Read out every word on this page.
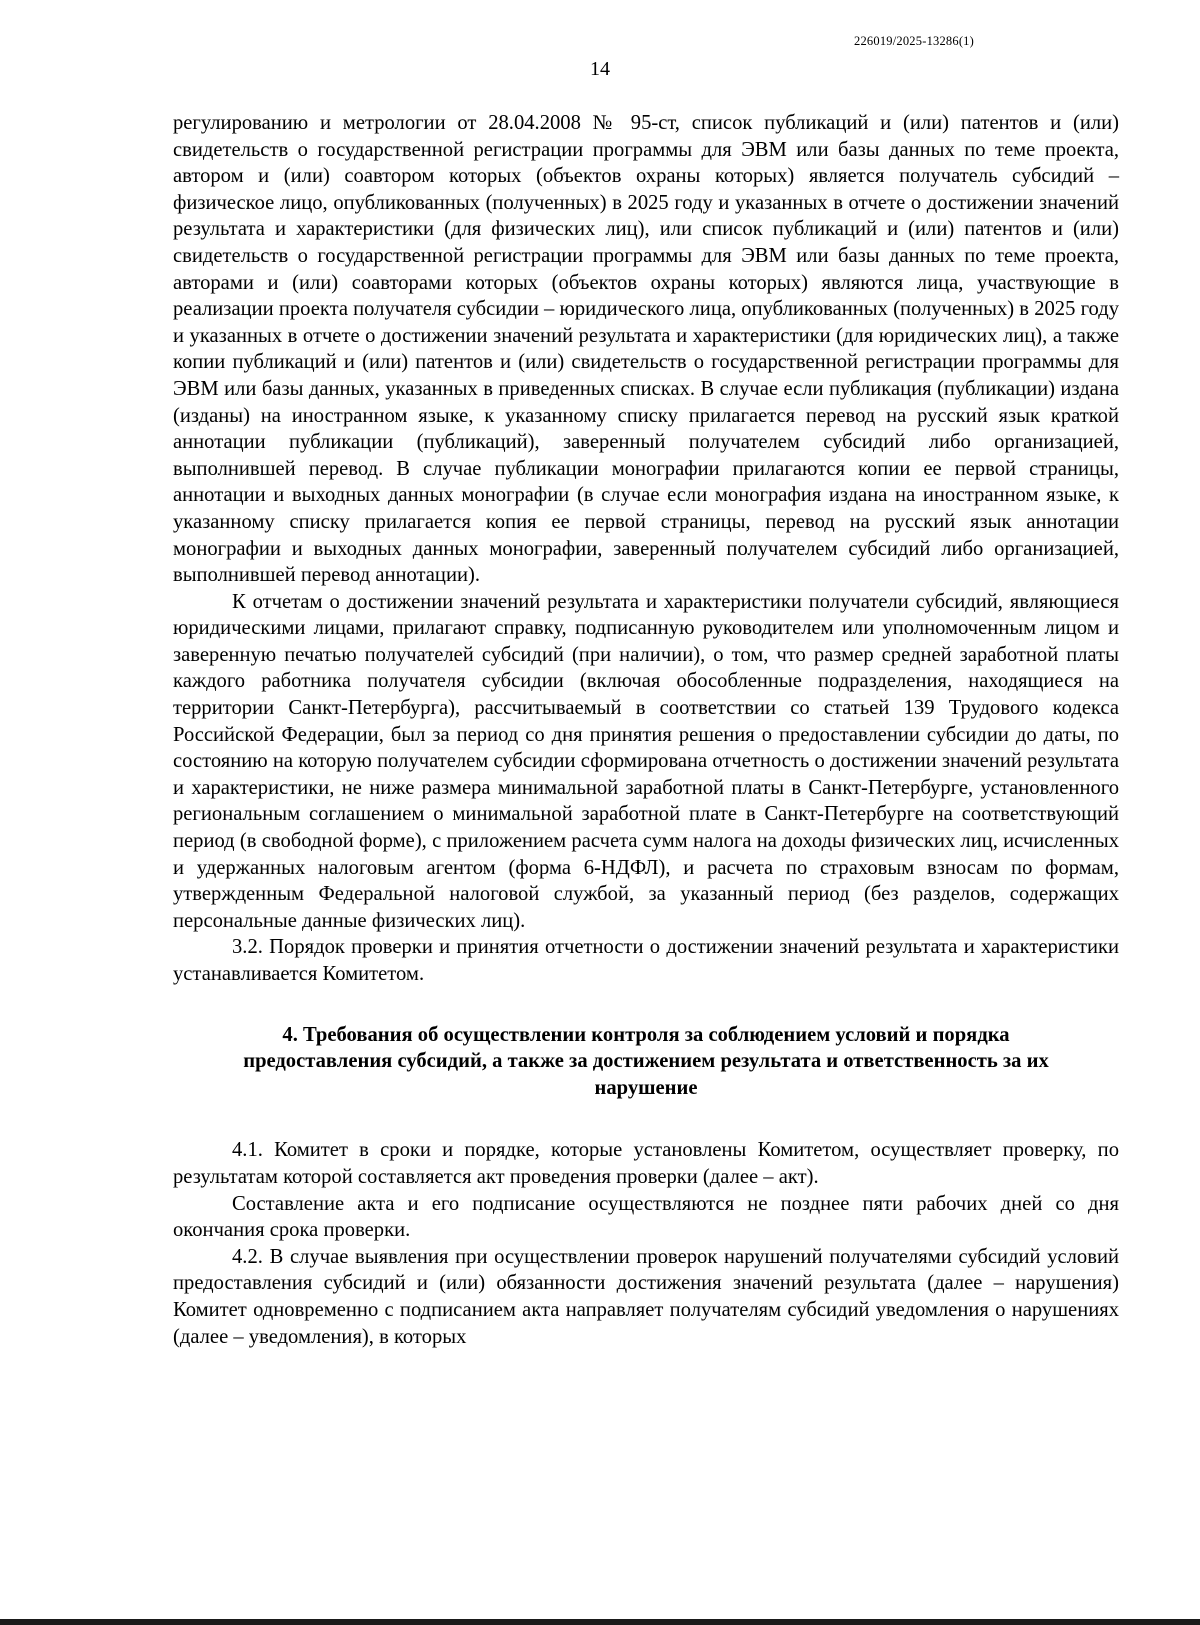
226019/2025-13286(1)
14

регулированию и метрологии от 28.04.2008 № 95-ст, список публикаций и (или) патентов и (или) свидетельств о государственной регистрации программы для ЭВМ или базы данных по теме проекта, автором и (или) соавтором которых (объектов охраны которых) является получатель субсидий – физическое лицо, опубликованных (полученных) в 2025 году и указанных в отчете о достижении значений результата и характеристики (для физических лиц), или список публикаций и (или) патентов и (или) свидетельств о государственной регистрации программы для ЭВМ или базы данных по теме проекта, авторами и (или) соавторами которых (объектов охраны которых) являются лица, участвующие в реализации проекта получателя субсидии – юридического лица, опубликованных (полученных) в 2025 году и указанных в отчете о достижении значений результата и характеристики (для юридических лиц), а также копии публикаций и (или) патентов и (или) свидетельств о государственной регистрации программы для ЭВМ или базы данных, указанных в приведенных списках. В случае если публикация (публикации) издана (изданы) на иностранном языке, к указанному списку прилагается перевод на русский язык краткой аннотации публикации (публикаций), заверенный получателем субсидий либо организацией, выполнившей перевод. В случае публикации монографии прилагаются копии ее первой страницы, аннотации и выходных данных монографии (в случае если монография издана на иностранном языке, к указанному списку прилагается копия ее первой страницы, перевод на русский язык аннотации монографии и выходных данных монографии, заверенный получателем субсидий либо организацией, выполнившей перевод аннотации).

К отчетам о достижении значений результата и характеристики получатели субсидий, являющиеся юридическими лицами, прилагают справку, подписанную руководителем или уполномоченным лицом и заверенную печатью получателей субсидий (при наличии), о том, что размер средней заработной платы каждого работника получателя субсидии (включая обособленные подразделения, находящиеся на территории Санкт-Петербурга), рассчитываемый в соответствии со статьей 139 Трудового кодекса Российской Федерации, был за период со дня принятия решения о предоставлении субсидии до даты, по состоянию на которую получателем субсидии сформирована отчетность о достижении значений результата и характеристики, не ниже размера минимальной заработной платы в Санкт-Петербурге, установленного региональным соглашением о минимальной заработной плате в Санкт-Петербурге на соответствующий период (в свободной форме), с приложением расчета сумм налога на доходы физических лиц, исчисленных и удержанных налоговым агентом (форма 6-НДФЛ), и расчета по страховым взносам по формам, утвержденным Федеральной налоговой службой, за указанный период (без разделов, содержащих персональные данные физических лиц).

3.2. Порядок проверки и принятия отчетности о достижении значений результата и характеристики устанавливается Комитетом.

4. Требования об осуществлении контроля за соблюдением условий и порядка предоставления субсидий, а также за достижением результата и ответственность за их нарушение

4.1. Комитет в сроки и порядке, которые установлены Комитетом, осуществляет проверку, по результатам которой составляется акт проведения проверки (далее – акт).

Составление акта и его подписание осуществляются не позднее пяти рабочих дней со дня окончания срока проверки.

4.2. В случае выявления при осуществлении проверок нарушений получателями субсидий условий предоставления субсидий и (или) обязанности достижения значений результата (далее – нарушения) Комитет одновременно с подписанием акта направляет получателям субсидий уведомления о нарушениях (далее – уведомления), в которых
